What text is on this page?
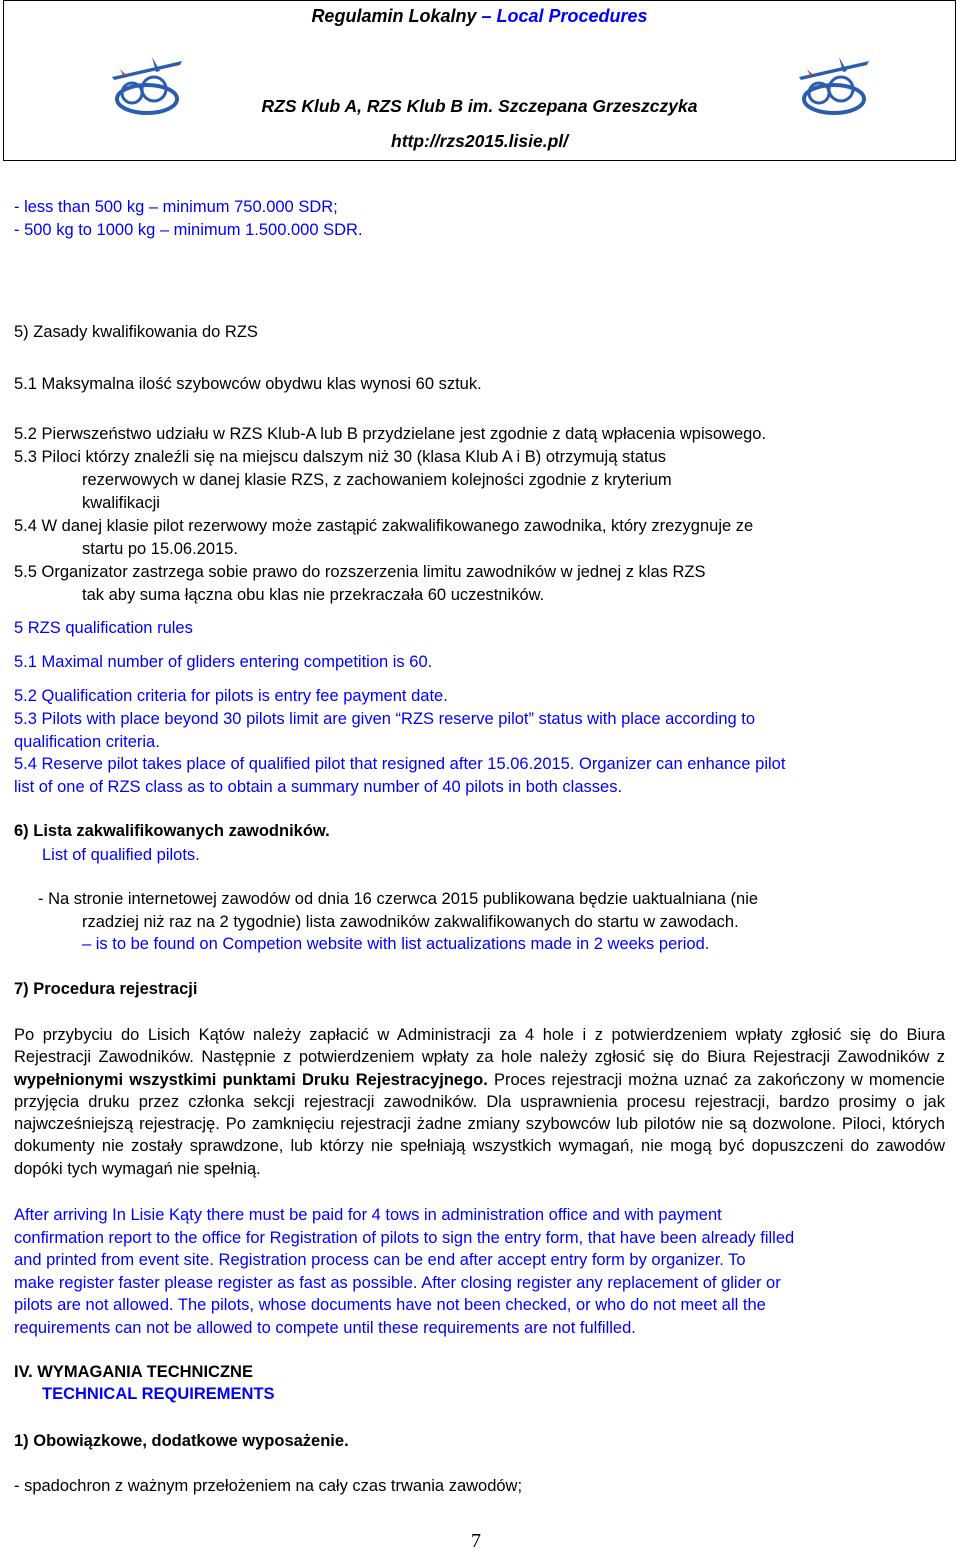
Regulamin Lokalny – Local Procedures
RZS Klub A, RZS Klub B im. Szczepana Grzeszczyka
http://rzs2015.lisie.pl/
- less than 500 kg – minimum 750.000 SDR;
- 500 kg to 1000 kg – minimum 1.500.000 SDR.
5) Zasady kwalifikowania do RZS
5.1 Maksymalna ilość szybowców obydwu klas wynosi 60 sztuk.
5.2 Pierwszeństwo udziału w RZS Klub-A lub B przydzielane jest zgodnie z datą wpłacenia wpisowego.
5.3 Piloci którzy znaleźli się na miejscu dalszym niż 30 (klasa Klub A i B) otrzymują status
rezerwowych w danej klasie RZS, z zachowaniem kolejności zgodnie z kryterium
kwalifikacji
5.4 W danej klasie pilot rezerwowy może zastąpić zakwalifikowanego zawodnika, który zrezygnuje ze
startu po 15.06.2015.
5.5 Organizator zastrzega sobie prawo do rozszerzenia limitu zawodników w jednej z klas RZS
tak aby suma łączna obu klas nie przekraczała 60 uczestników.
5 RZS qualification rules
5.1 Maximal number of gliders entering competition is 60.
5.2 Qualification criteria for pilots is entry fee payment date.
5.3 Pilots with place beyond 30 pilots limit are given “RZS reserve pilot” status with place according to
qualification criteria.
5.4 Reserve pilot takes place of qualified pilot that resigned after 15.06.2015. Organizer can enhance pilot
list of one of RZS class as to obtain a summary number of 40 pilots in both classes.
6) Lista zakwalifikowanych zawodników.
List of qualified pilots.
- Na stronie internetowej zawodów od dnia 16 czerwca 2015 publikowana będzie uaktualniana (nie
rzadziej niż raz na 2 tygodnie) lista zawodników zakwalifikowanych do startu w zawodach.
– is to be found on Competion website with list actualizations made in 2 weeks period.
7) Procedura rejestracji
Po przybyciu do Lisich Kątów należy zapłacić w Administracji za 4 hole i z potwierdzeniem wpłaty zgłosić się do Biura Rejestracji Zawodników. Następnie z potwierdzeniem wpłaty za hole należy zgłosić się do Biura Rejestracji Zawodników z wypełnionymi wszystkimi punktami Druku Rejestracyjnego. Proces rejestracji można uznać za zakończony w momencie przyjęcia druku przez członka sekcji rejestracji zawodników. Dla usprawnienia procesu rejestracji, bardzo prosimy o jak najwcześniejszą rejestrację. Po zamknięciu rejestracji żadne zmiany szybowców lub pilotów nie są dozwolone. Piloci, których dokumenty nie zostały sprawdzone, lub którzy nie spełniają wszystkich wymagań, nie mogą być dopuszczeni do zawodów dopóki tych wymagań nie spełnią.
After arriving In Lisie Kąty there must be paid for 4 tows in administration office and with payment
confirmation report to the office for Registration of pilots to sign the entry form, that have been already filled
and printed from event site. Registration process can be end after accept entry form by organizer. To
make register faster please register as fast as possible. After closing register any replacement of glider or
pilots are not allowed. The pilots, whose documents have not been checked, or who do not meet all the
requirements can not be allowed to compete until these requirements are not fulfilled.
IV. WYMAGANIA TECHNICZNE
TECHNICAL REQUIREMENTS
1) Obowiązkowe, dodatkowe wyposażenie.
- spadochron z ważnym przełożeniem na cały czas trwania zawodów;
7
